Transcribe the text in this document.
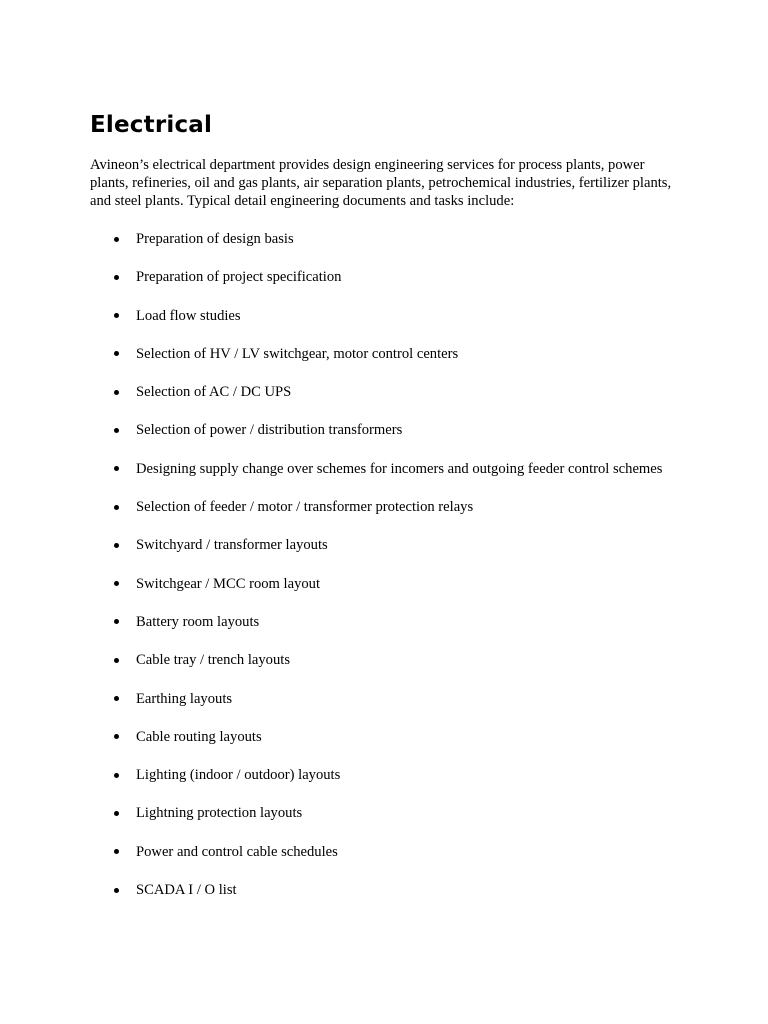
Electrical

Avineon’s electrical department provides design engineering services for process plants, power plants, refineries, oil and gas plants, air separation plants, petrochemical industries, fertilizer plants, and steel plants. Typical detail engineering documents and tasks include:

Preparation of design basis
Preparation of project specification
Load flow studies
Selection of HV / LV switchgear, motor control centers
Selection of AC / DC UPS
Selection of power / distribution transformers
Designing supply change over schemes for incomers and outgoing feeder control schemes
Selection of feeder / motor / transformer protection relays
Switchyard / transformer layouts
Switchgear / MCC room layout
Battery room layouts
Cable tray / trench layouts
Earthing layouts
Cable routing layouts
Lighting (indoor / outdoor) layouts
Lightning protection layouts
Power and control cable schedules
SCADA I / O list
